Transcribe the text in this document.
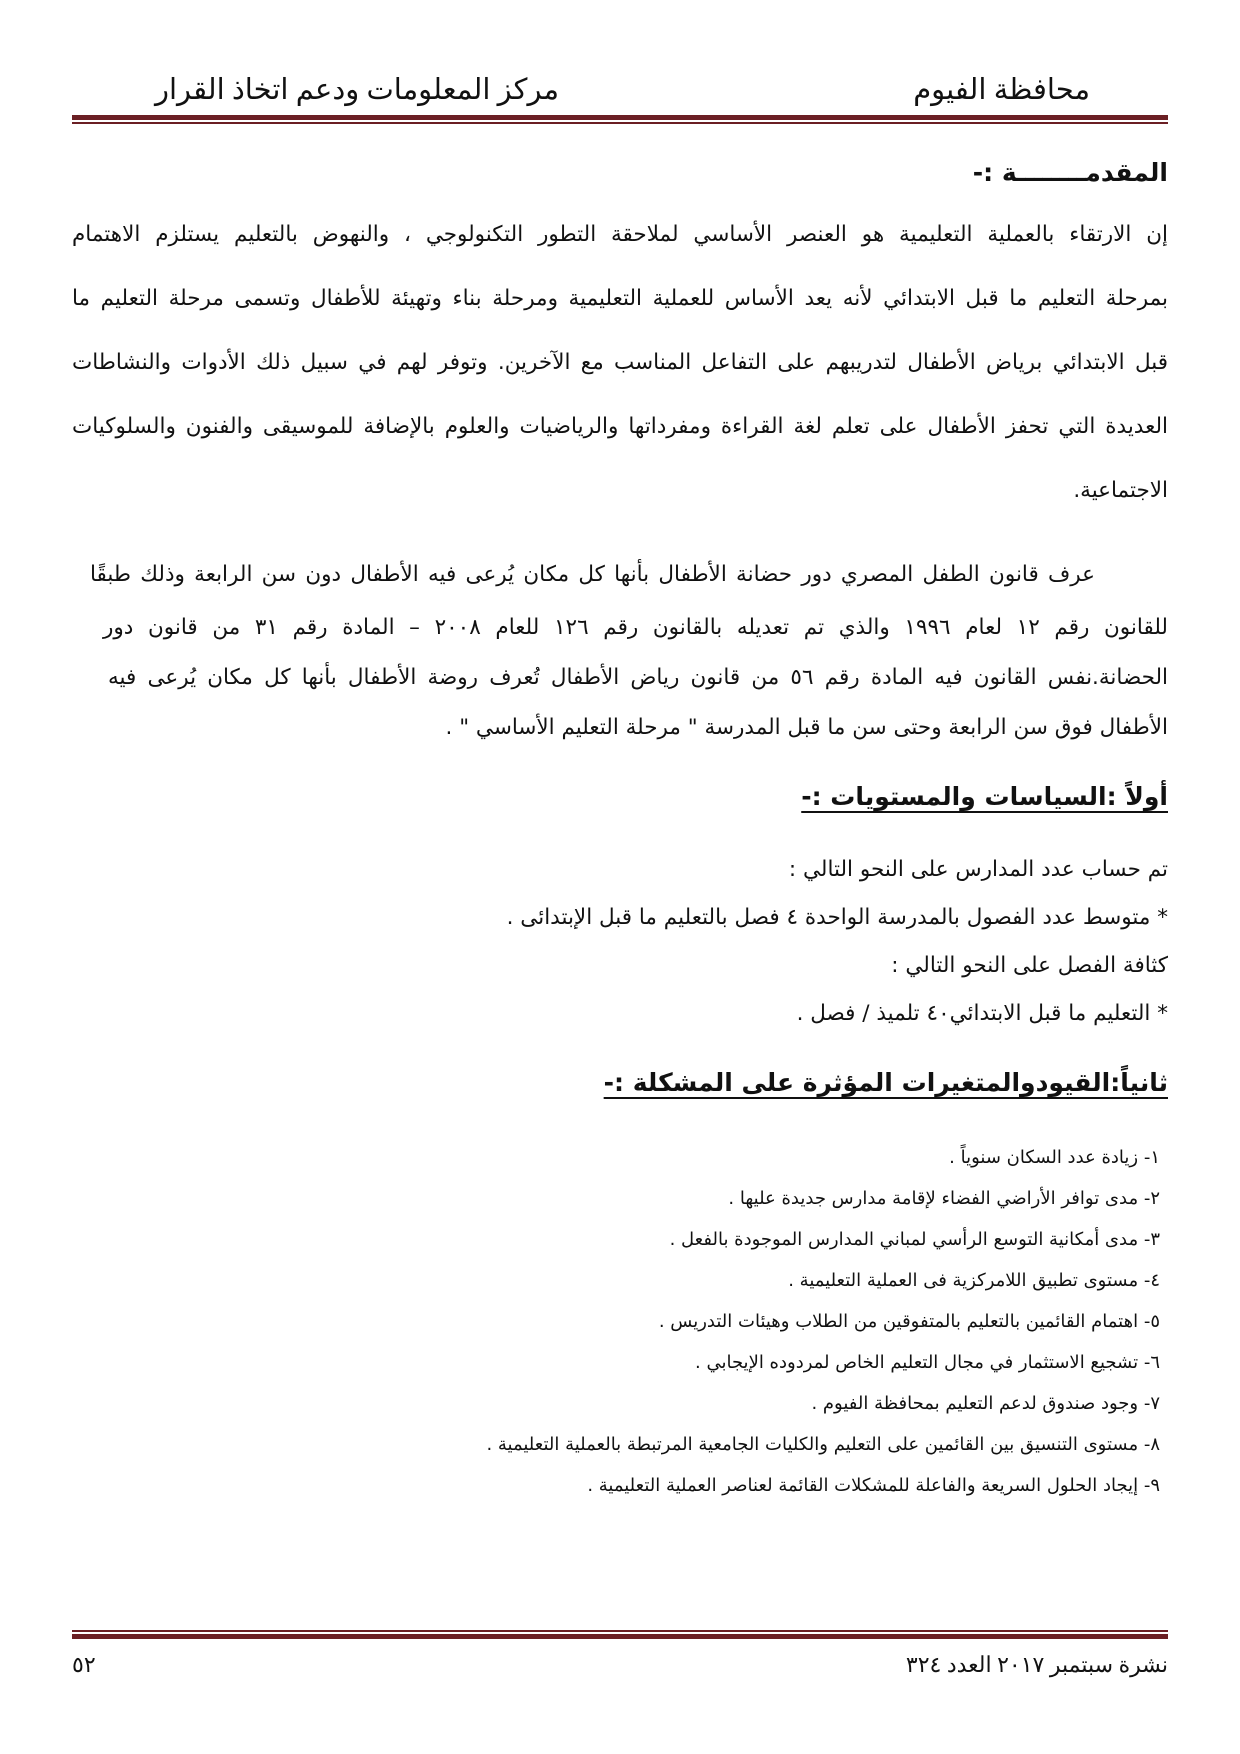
محافظة الفيوم
مركز المعلومات ودعم اتخاذ القرار
المقدمــــــــة :-
إن الارتقاء بالعملية التعليمية هو العنصر الأساسي لملاحقة التطور التكنولوجي ، والنهوض بالتعليم يستلزم الاهتمام
بمرحلة التعليم ما قبل الابتدائي لأنه يعد الأساس للعملية التعليمية ومرحلة بناء وتهيئة للأطفال وتسمى مرحلة التعليم ما
قبل الابتدائي برياض الأطفال لتدريبهم على التفاعل المناسب مع الآخرين. وتوفر لهم في سبيل ذلك الأدوات والنشاطات
العديدة التي تحفز الأطفال على تعلم لغة القراءة ومفرداتها والرياضيات والعلوم بالإضافة للموسيقى والفنون والسلوكيات
الاجتماعية.
عرف قانون الطفل المصري دور حضانة الأطفال بأنها كل مكان يُرعى فيه الأطفال دون سن الرابعة وذلك طبقًا
للقانون رقم ١٢ لعام ١٩٩٦ والذي تم تعديله بالقانون رقم ١٢٦ للعام ٢٠٠٨ – المادة رقم ٣١ من قانون دور
الحضانة.نفس القانون فيه المادة رقم ٥٦ من قانون رياض الأطفال تُعرف روضة الأطفال بأنها كل مكان يُرعى فيه
الأطفال فوق سن الرابعة وحتى سن ما قبل المدرسة " مرحلة التعليم الأساسي " .
أولاً :السياسات والمستويات :-
تم حساب عدد المدارس على النحو التالي :
* متوسط عدد الفصول بالمدرسة الواحدة ٤ فصل بالتعليم ما قبل الإبتدائى .
كثافة الفصل على النحو التالي :
* التعليم ما قبل الابتدائي٤٠ تلميذ / فصل .
ثانياً:القيودوالمتغيرات المؤثرة على المشكلة :-
١- زيادة عدد السكان سنوياً .
٢- مدى توافر الأراضي الفضاء لإقامة مدارس جديدة عليها .
٣- مدى أمكانية التوسع الرأسي لمباني المدارس الموجودة بالفعل .
٤- مستوى تطبيق اللامركزية فى العملية التعليمية .
٥- اهتمام القائمين بالتعليم بالمتفوقين من الطلاب وهيئات التدريس .
٦- تشجيع الاستثمار في مجال التعليم الخاص لمردوده الإيجابي .
٧- وجود صندوق لدعم التعليم بمحافظة الفيوم .
٨- مستوى التنسيق بين القائمين على التعليم والكليات الجامعية المرتبطة بالعملية التعليمية .
٩- إيجاد الحلول السريعة والفاعلة للمشكلات القائمة لعناصر العملية التعليمية .
نشرة سبتمبر ٢٠١٧ العدد ٣٢٤
٥٢
